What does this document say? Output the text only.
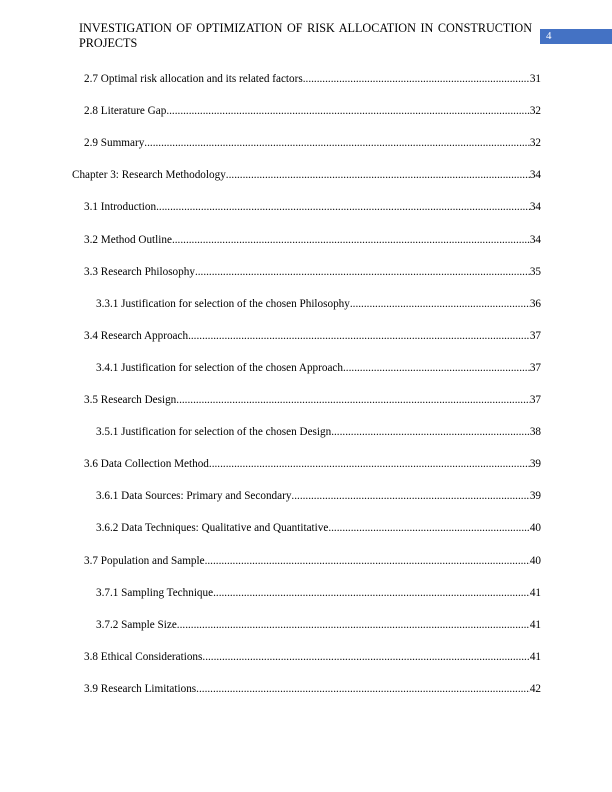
INVESTIGATION OF OPTIMIZATION OF RISK ALLOCATION IN CONSTRUCTION PROJECTS	4
2.7 Optimal risk allocation and its related factors .....	31
2.8 Literature Gap .....	32
2.9 Summary .....	32
Chapter 3: Research Methodology .....	34
3.1 Introduction .....	34
3.2 Method Outline .....	34
3.3 Research Philosophy .....	35
3.3.1 Justification for selection of the chosen Philosophy .....	36
3.4 Research Approach .....	37
3.4.1 Justification for selection of the chosen Approach .....	37
3.5 Research Design .....	37
3.5.1 Justification for selection of the chosen Design .....	38
3.6 Data Collection Method .....	39
3.6.1 Data Sources: Primary and Secondary .....	39
3.6.2 Data Techniques: Qualitative and Quantitative .....	40
3.7 Population and Sample .....	40
3.7.1 Sampling Technique .....	41
3.7.2 Sample Size .....	41
3.8 Ethical Considerations .....	41
3.9 Research Limitations .....	42
